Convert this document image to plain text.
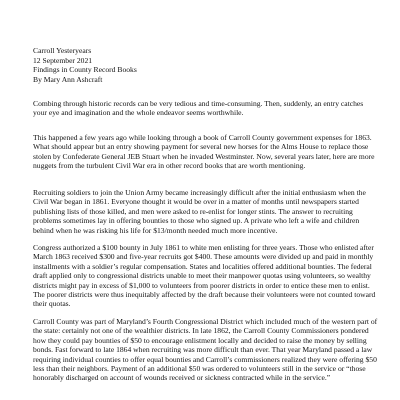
Carroll Yesteryears
12 September 2021
Findings in County Record Books
By Mary Ann Ashcraft

Combing through historic records can be very tedious and time-consuming. Then, suddenly, an entry catches your eye and imagination and the whole endeavor seems worthwhile.

This happened a few years ago while looking through a book of Carroll County government expenses for 1863. What should appear but an entry showing payment for several new horses for the Alms House to replace those stolen by Confederate General JEB Stuart when he invaded Westminster. Now, several years later, here are more nuggets from the turbulent Civil War era in other record books that are worth mentioning.

Recruiting soldiers to join the Union Army became increasingly difficult after the initial enthusiasm when the Civil War began in 1861. Everyone thought it would be over in a matter of months until newspapers started publishing lists of those killed, and men were asked to re-enlist for longer stints. The answer to recruiting problems sometimes lay in offering bounties to those who signed up. A private who left a wife and children behind when he was risking his life for $13/month needed much more incentive.

Congress authorized a $100 bounty in July 1861 to white men enlisting for three years. Those who enlisted after March 1863 received $300 and five-year recruits got $400. These amounts were divided up and paid in monthly installments with a soldier’s regular compensation. States and localities offered additional bounties. The federal draft applied only to congressional districts unable to meet their manpower quotas using volunteers, so wealthy districts might pay in excess of $1,000 to volunteers from poorer districts in order to entice these men to enlist. The poorer districts were thus inequitably affected by the draft because their volunteers were not counted toward their quotas.

Carroll County was part of Maryland’s Fourth Congressional District which included much of the western part of the state: certainly not one of the wealthier districts. In late 1862, the Carroll County Commissioners pondered how they could pay bounties of $50 to encourage enlistment locally and decided to raise the money by selling bonds. Fast forward to late 1864 when recruiting was more difficult than ever. That year Maryland passed a law requiring individual counties to offer equal bounties and Carroll’s commissioners realized they were offering $50 less than their neighbors. Payment of an additional $50 was ordered to volunteers still in the service or “those honorably discharged on account of wounds received or sickness contracted while in the service.”
